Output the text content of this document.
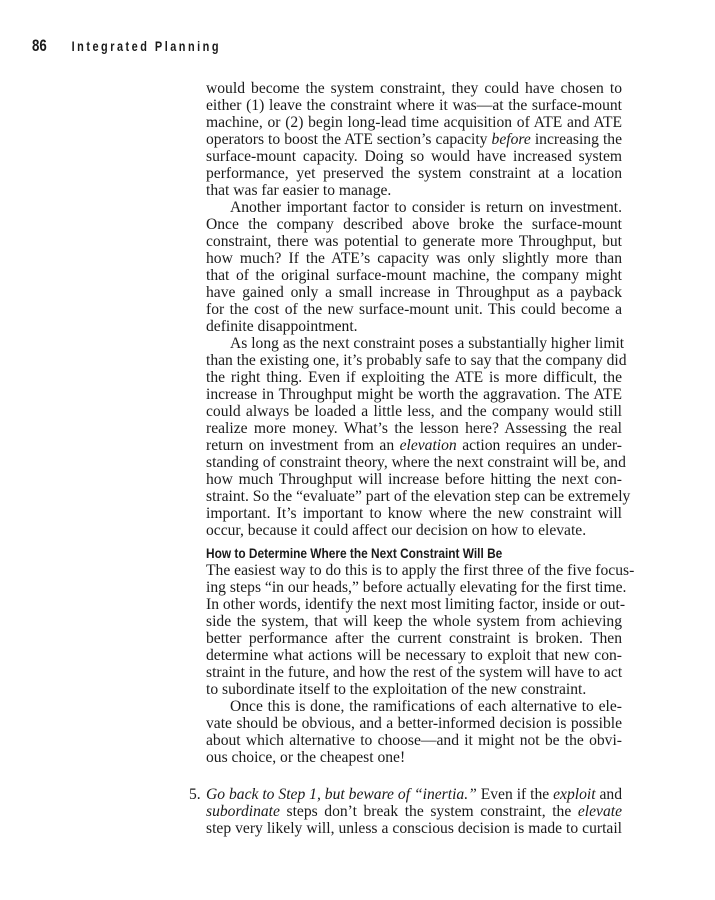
86 Integrated Planning
would become the system constraint, they could have chosen to
either (1) leave the constraint where it was—at the surface-mount
machine, or (2) begin long-lead time acquisition of ATE and ATE
operators to boost the ATE section’s capacity before increasing the
surface-mount capacity. Doing so would have increased system
performance, yet preserved the system constraint at a location
that was far easier to manage.
Another important factor to consider is return on investment.
Once the company described above broke the surface-mount
constraint, there was potential to generate more Throughput, but
how much? If the ATE’s capacity was only slightly more than
that of the original surface-mount machine, the company might
have gained only a small increase in Throughput as a payback
for the cost of the new surface-mount unit. This could become a
definite disappointment.
As long as the next constraint poses a substantially higher limit
than the existing one, it’s probably safe to say that the company did
the right thing. Even if exploiting the ATE is more difficult, the
increase in Throughput might be worth the aggravation. The ATE
could always be loaded a little less, and the company would still
realize more money. What’s the lesson here? Assessing the real
return on investment from an elevation action requires an under-
standing of constraint theory, where the next constraint will be, and
how much Throughput will increase before hitting the next con-
straint. So the “evaluate” part of the elevation step can be extremely
important. It’s important to know where the new constraint will
occur, because it could affect our decision on how to elevate.
How to Determine Where the Next Constraint Will Be
The easiest way to do this is to apply the first three of the five focus-
ing steps “in our heads,” before actually elevating for the first time.
In other words, identify the next most limiting factor, inside or out-
side the system, that will keep the whole system from achieving
better performance after the current constraint is broken. Then
determine what actions will be necessary to exploit that new con-
straint in the future, and how the rest of the system will have to act
to subordinate itself to the exploitation of the new constraint.
Once this is done, the ramifications of each alternative to ele-
vate should be obvious, and a better-informed decision is possible
about which alternative to choose—and it might not be the obvi-
ous choice, or the cheapest one!
5. Go back to Step 1, but beware of “inertia.” Even if the exploit and
subordinate steps don’t break the system constraint, the elevate
step very likely will, unless a conscious decision is made to curtail
